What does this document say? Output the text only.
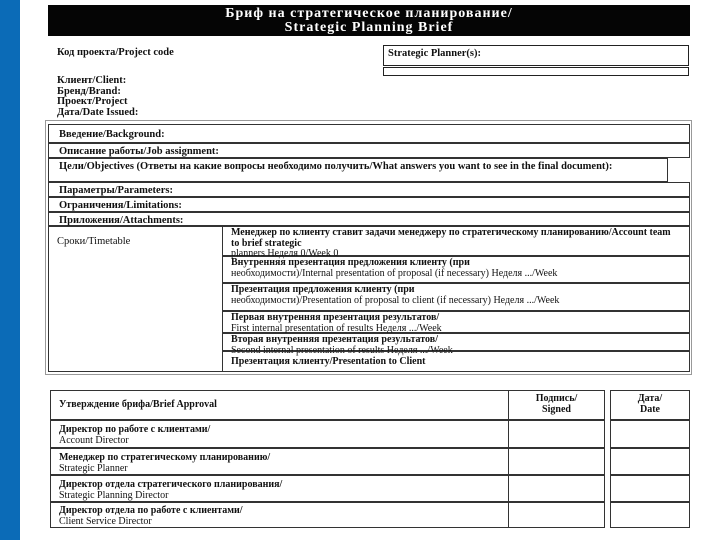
Бриф на стратегическое планирование/
Strategic Planning Brief
Код проекта/Project code	Strategic Planner(s):
Клиент/Client:
Бренд/Brand:
Проект/Project
Дата/Date Issued:
Введение/Background:
Описание работы/Job assignment:
Цели/Objectives (Ответы на какие вопросы необходимо получить/What answers you want to see in the final document):
Параметры/Parameters:
Ограничения/Limitations:
Приложения/Attachments:
Сроки/Timetable
Менеджер по клиенту ставит задачи менеджеру по стратегическому планированию/Account team to brief strategic
planners Неделя 0/Week 0
Внутренняя презентация предложения клиенту (при
необходимости)/Internal presentation of proposal (if necessary) Неделя .../Week
Презентация предложения клиенту (при
необходимости)/Presentation of proposal to client (if necessary) Неделя .../Week
Первая внутренняя презентация результатов/
First internal presentation of results Неделя .../Week
Вторая внутренняя презентация результатов/
Second internal presentation of results Неделя .../Week
Презентация клиенту/Presentation to Client
Утверждение брифа/Brief Approval
Подпись/ Signed
Дата/ Date
Директор по работе с клиентами/
Account Director
Менеджер по стратегическому планированию/
Strategic Planner
Директор отдела стратегического планирования/
Strategic Planning Director
Директор отдела по работе с клиентами/
Client Service Director
